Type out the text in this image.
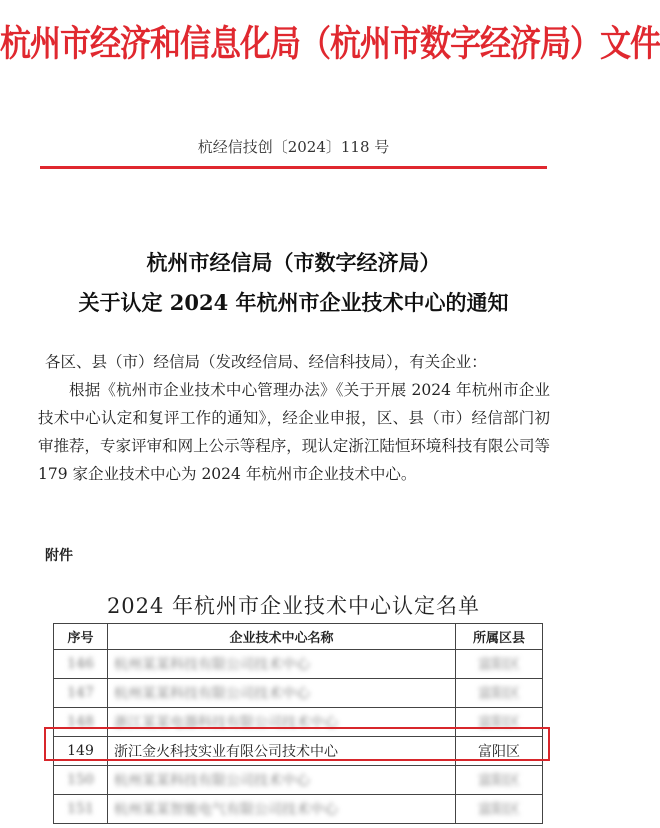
杭州市经济和信息化局（杭州市数字经济局）文件
杭经信技创〔2024〕118 号
杭州市经信局（市数字经济局）
关于认定 2024 年杭州市企业技术中心的通知
各区、县（市）经信局（发改经信局、经信科技局），有关企业：
根据《杭州市企业技术中心管理办法》《关于开展 2024 年杭州市企业技术中心认定和复评工作的通知》，经企业申报，区、县（市）经信部门初审推荐，专家评审和网上公示等程序，现认定浙江陆恒环境科技有限公司等 179 家企业技术中心为 2024 年杭州市企业技术中心。
附件
2024 年杭州市企业技术中心认定名单
序号	企业技术中心名称	所属区县
146	杭州某某科技有限公司技术中心	富阳区
147	杭州某某科技有限公司技术中心	富阳区
148	浙江某某电器科技有限公司技术中心	富阳区
149	浙江金火科技实业有限公司技术中心	富阳区
150	杭州某某科技有限公司技术中心	富阳区
151	杭州某某智能电气有限公司技术中心	富阳区
